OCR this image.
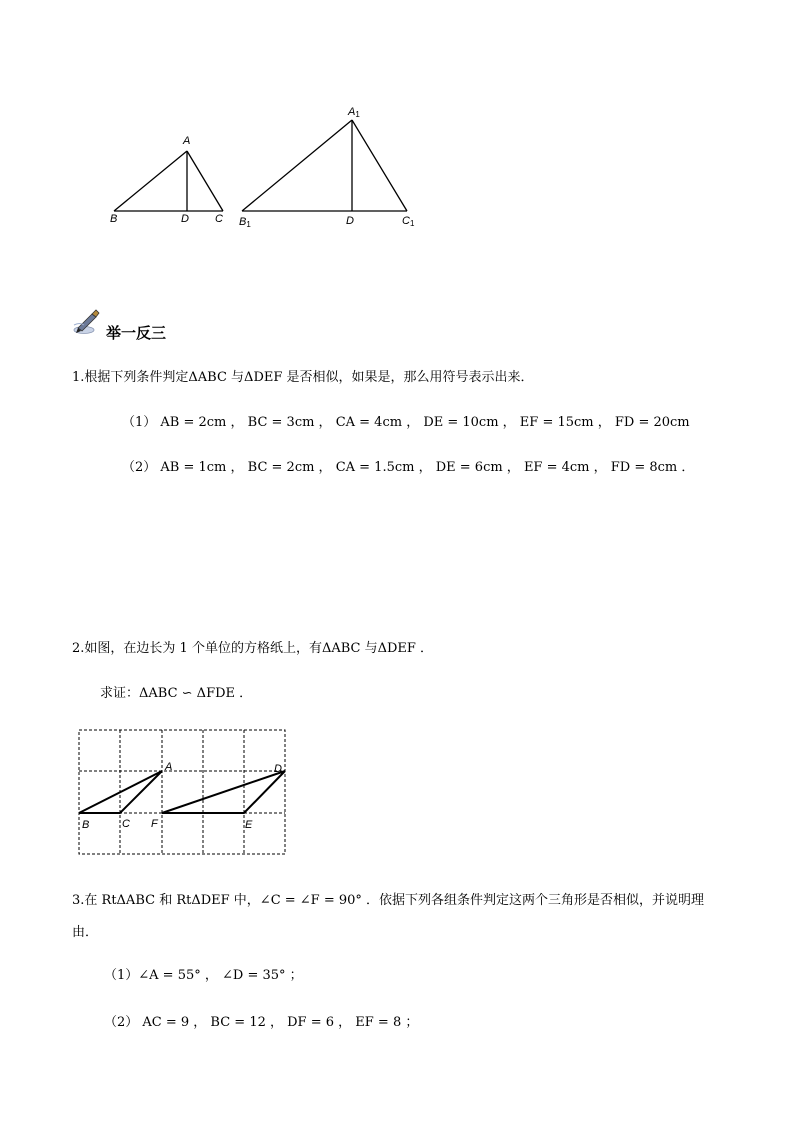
A
B	D C
A1
B1	D	C1
举一反三
1.根据下列条件判定ΔABC 与ΔDEF 是否相似，如果是，那么用符号表示出来．
（1） AB = 2cm ， BC = 3cm ， CA = 4cm ， DE = 10cm ， EF = 15cm ， FD = 20cm
（2） AB = 1cm ， BC = 2cm ， CA = 1.5cm ， DE = 6cm ， EF = 4cm ， FD = 8cm ．
2.如图，在边长为 1 个单位的方格纸上，有ΔABC 与ΔDEF ．
求证：ΔABC ∽ ΔFDE ．
A
B	C
D
E
F
3.在 RtΔABC 和 RtΔDEF 中，∠C = ∠F = 90° ．依据下列各组条件判定这两个三角形是否相似，并说明理
由．
（1）∠A = 55° ， ∠D = 35° ；
（2） AC = 9 ， BC = 12 ， DF = 6 ， EF = 8 ；
